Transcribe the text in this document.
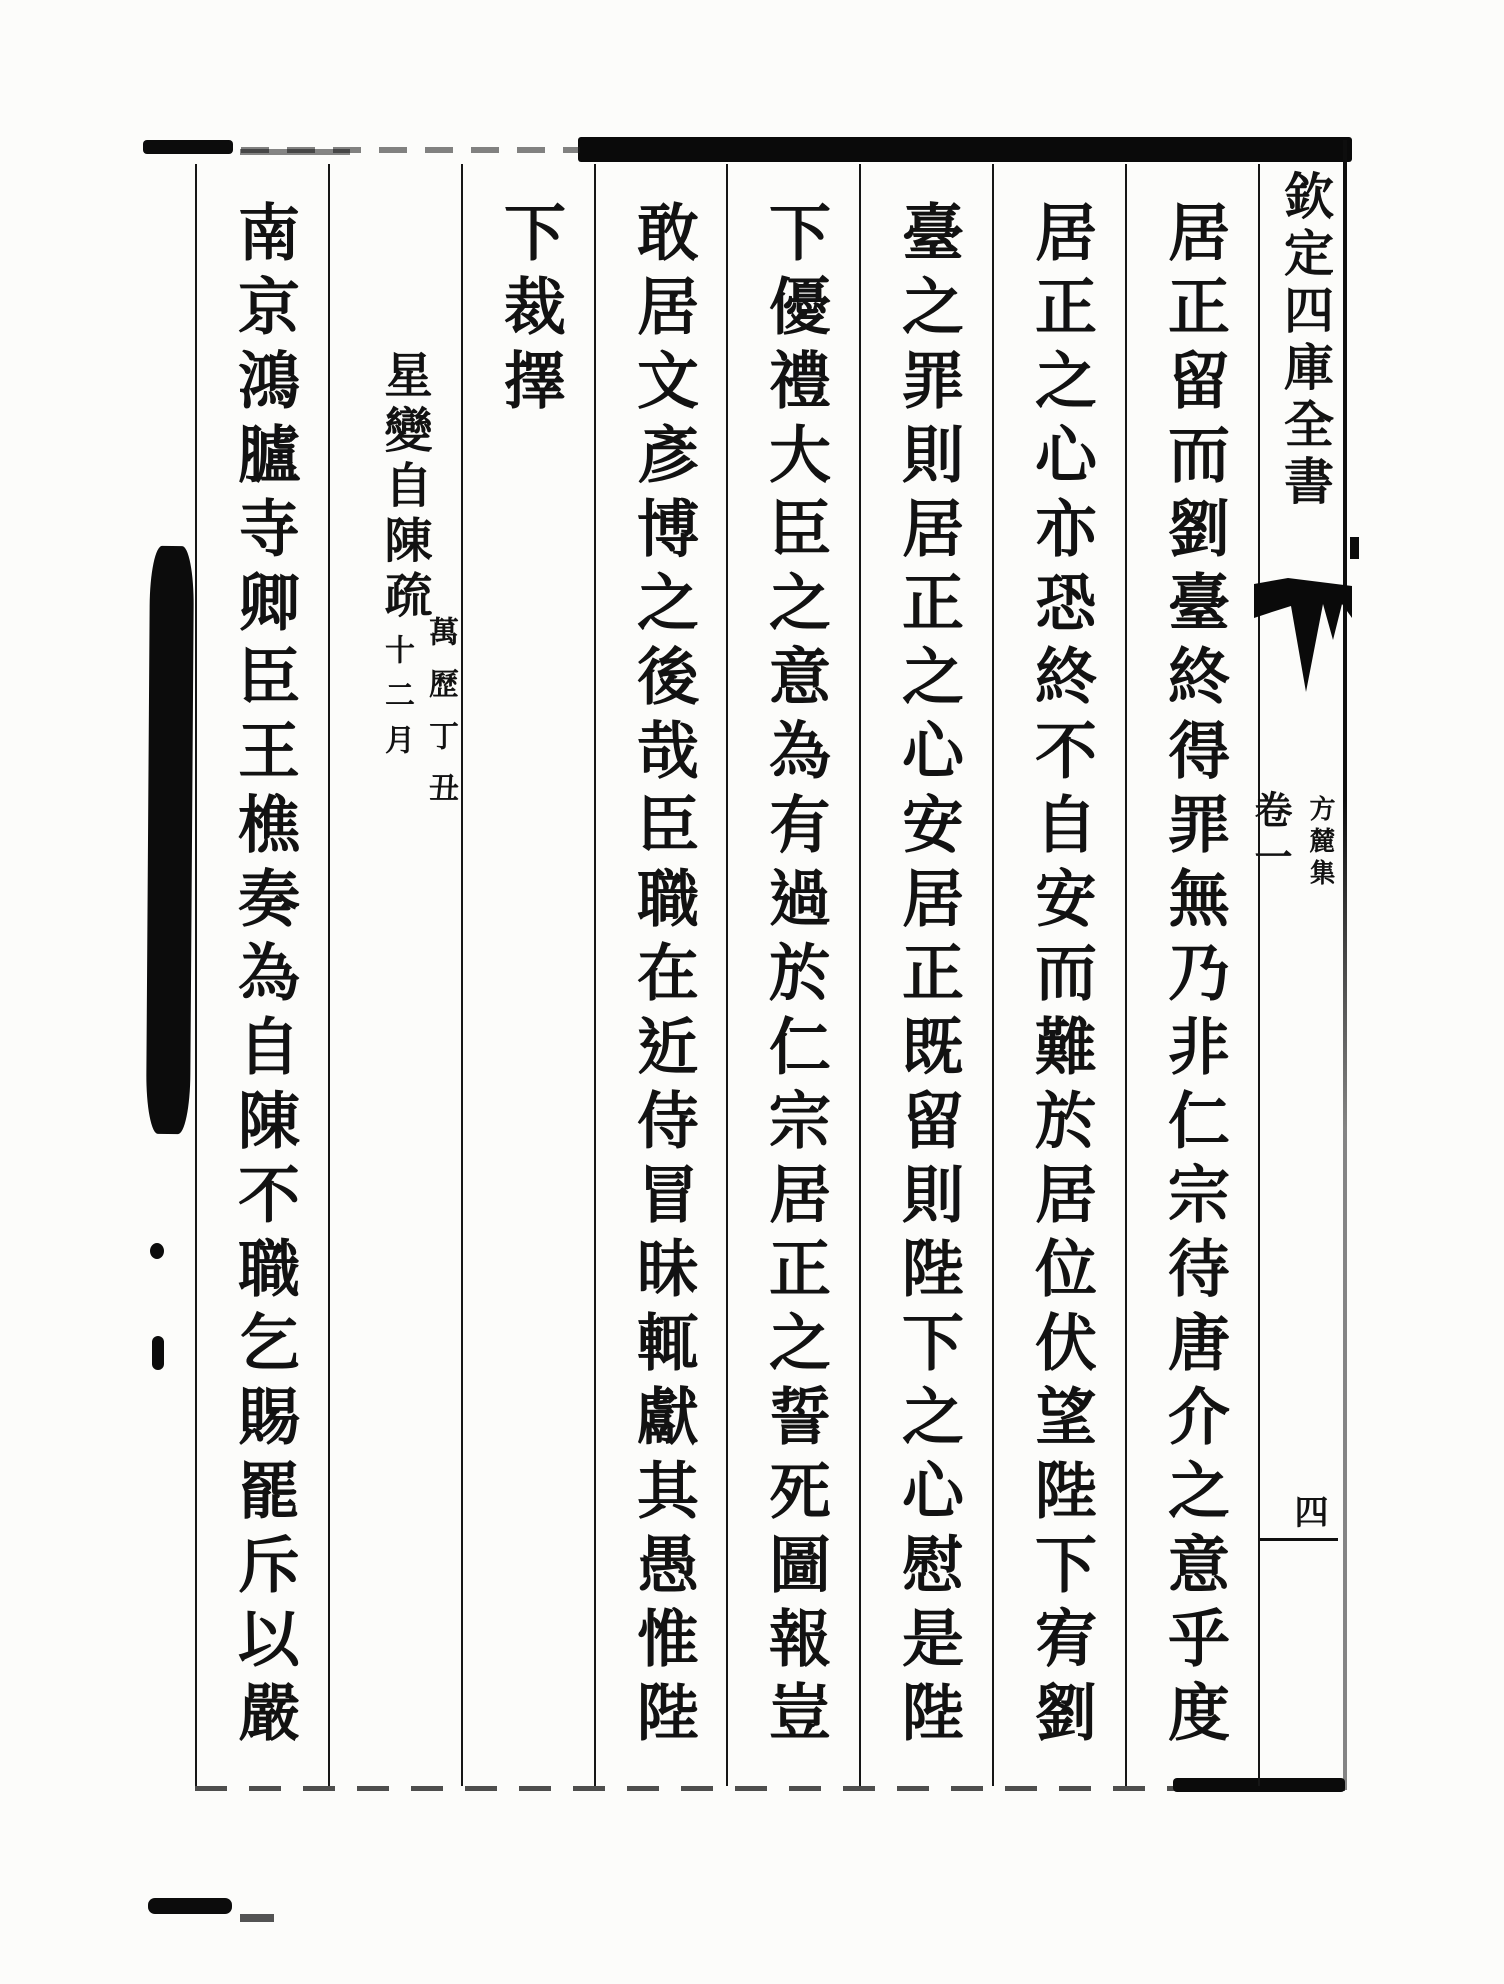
欽定四庫全書
方麓集
卷一
四
居正留而劉臺終得罪無乃非仁宗待唐介之意乎度
居正之心亦恐終不自安而難於居位伏望陛下宥劉
臺之罪則居正之心安居正既留則陛下之心慰是陛
下優禮大臣之意為有過於仁宗居正之誓死圖報豈
敢居文彥博之後哉臣職在近侍冒昧輒獻其愚惟陛
下裁擇
星變自陳疏
萬歷丁丑
十二月
南京鴻臚寺卿臣王樵奏為自陳不職乞賜罷斥以嚴
